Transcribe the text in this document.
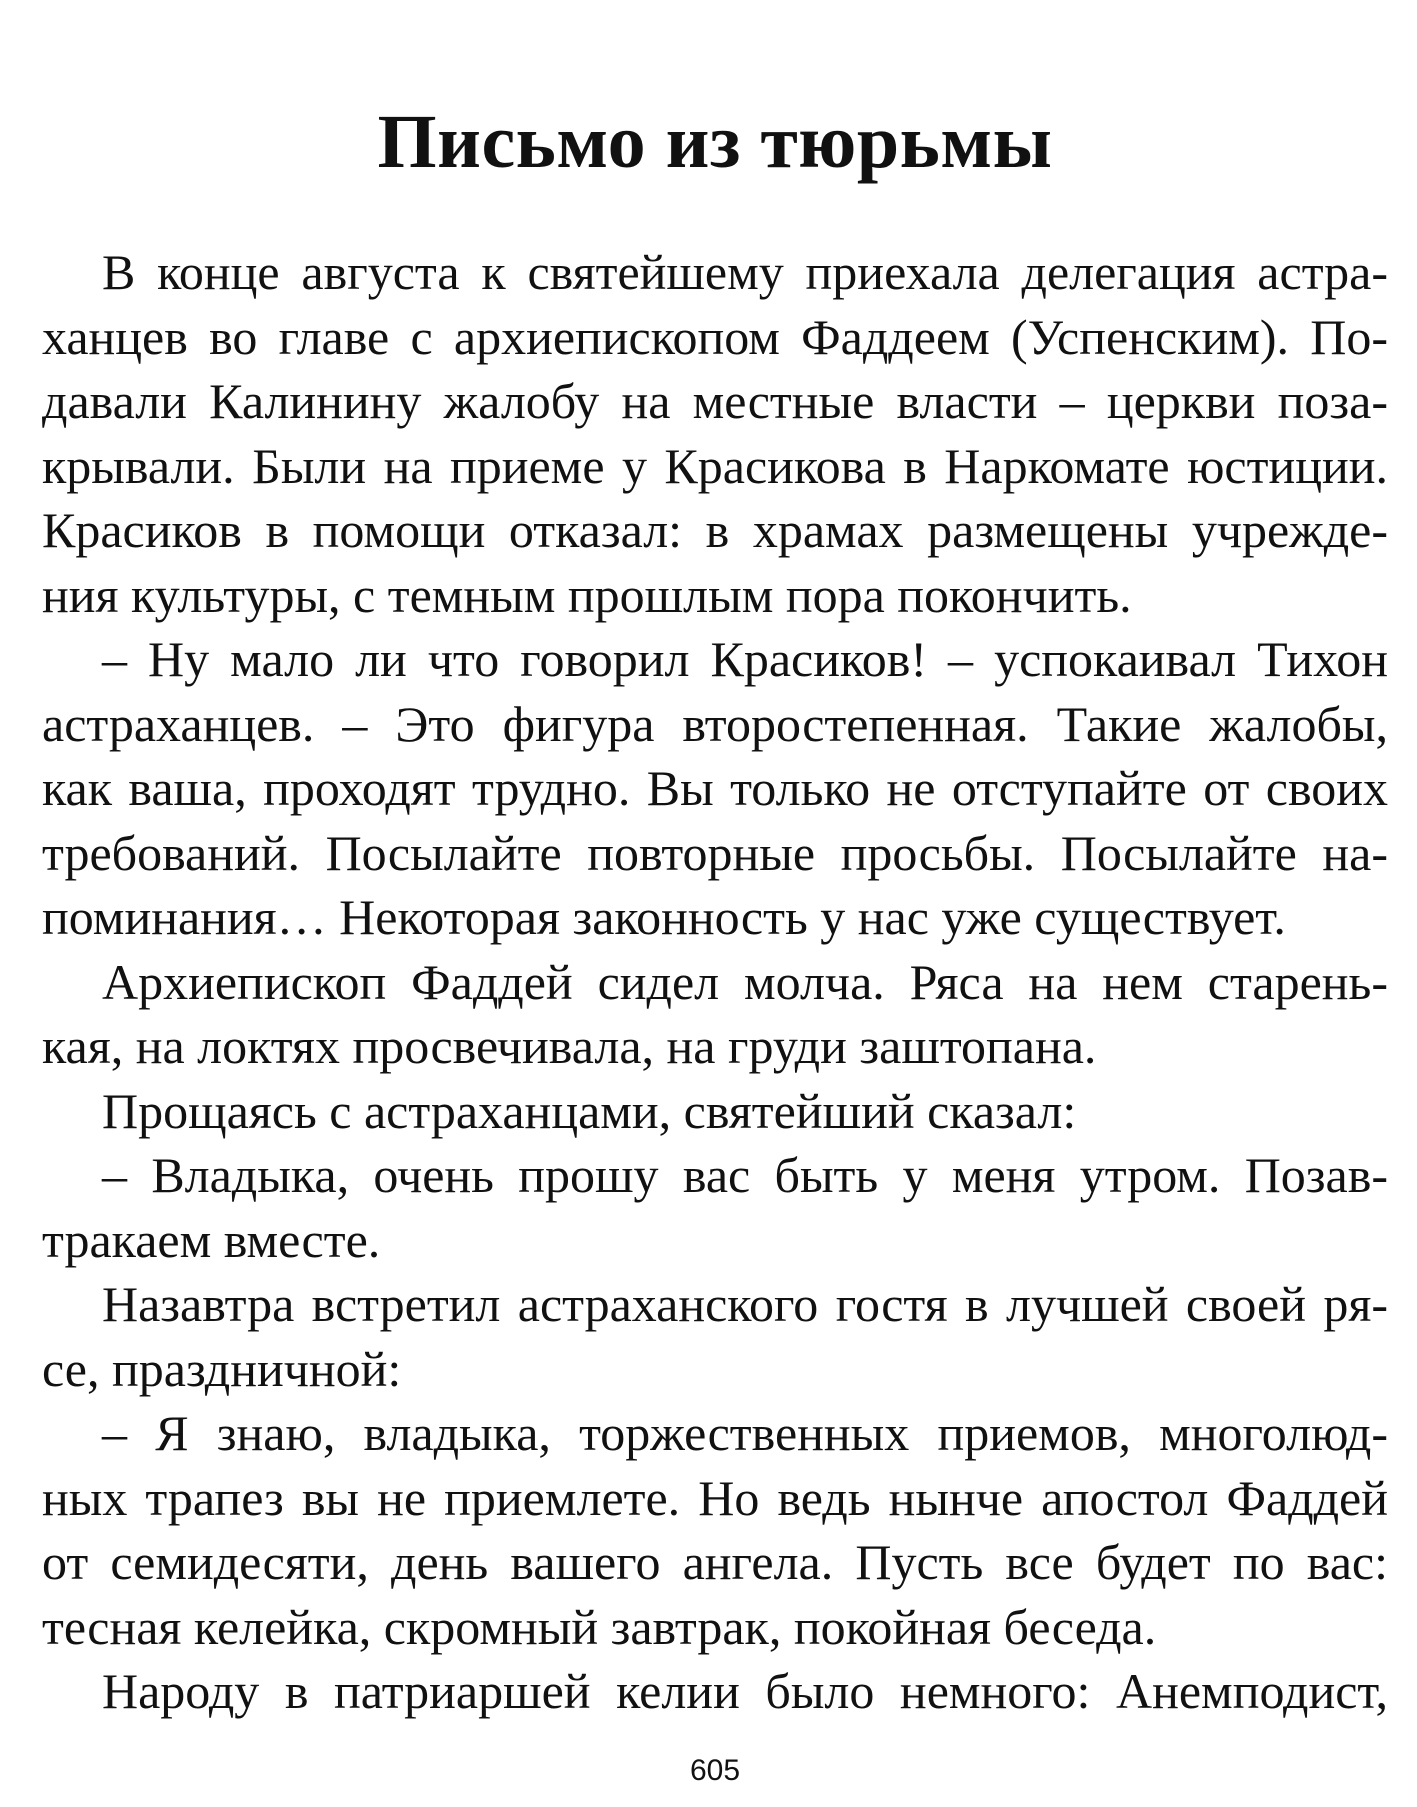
Письмо из тюрьмы
В конце августа к святейшему приехала делегация астра-
ханцев во главе с архиепископом Фаддеем (Успенским). По-
давали Калинину жалобу на местные власти – церкви поза-
крывали. Были на приеме у Красикова в Наркомате юстиции.
Красиков в помощи отказал: в храмах размещены учрежде-
ния культуры, с темным прошлым пора покончить.
– Ну мало ли что говорил Красиков! – успокаивал Тихон
астраханцев. – Это фигура второстепенная. Такие жалобы,
как ваша, проходят трудно. Вы только не отступайте от своих
требований. Посылайте повторные просьбы. Посылайте на-
поминания… Некоторая законность у нас уже существует.
Архиепископ Фаддей сидел молча. Ряса на нем старень-
кая, на локтях просвечивала, на груди заштопана.
Прощаясь с астраханцами, святейший сказал:
– Владыка, очень прошу вас быть у меня утром. Позав-
тракаем вместе.
Назавтра встретил астраханского гостя в лучшей своей ря-
се, праздничной:
– Я знаю, владыка, торжественных приемов, многолюд-
ных трапез вы не приемлете. Но ведь нынче апостол Фаддей
от семидесяти, день вашего ангела. Пусть все будет по вас:
тесная келейка, скромный завтрак, покойная беседа.
Народу в патриаршей келии было немного: Анемподист,
605
